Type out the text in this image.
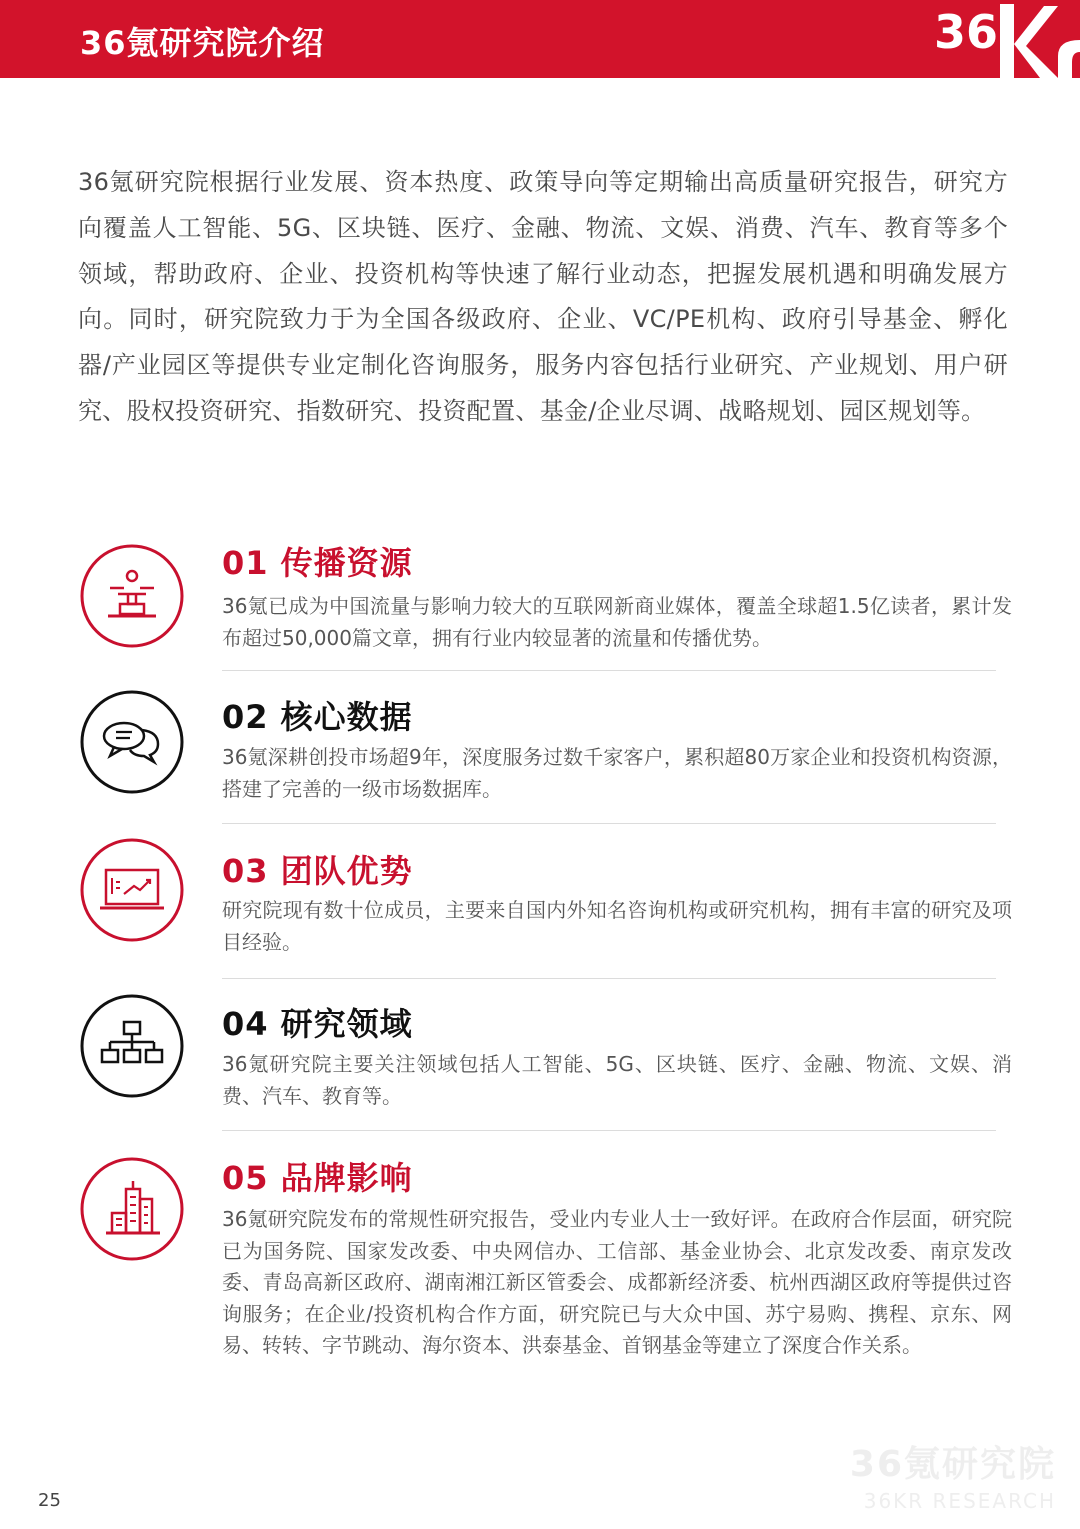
36氪研究院介绍	36
36氪研究院根据行业发展、资本热度、政策导向等定期输出高质量研究报告，研究方向覆盖人工智能、5G、区块链、医疗、金融、物流、文娱、消费、汽车、教育等多个领域，帮助政府、企业、投资机构等快速了解行业动态，把握发展机遇和明确发展方向。同时，研究院致力于为全国各级政府、企业、VC/PE机构、政府引导基金、孵化器/产业园区等提供专业定制化咨询服务，服务内容包括行业研究、产业规划、用户研究、股权投资研究、指数研究、投资配置、基金/企业尽调、战略规划、园区规划等。
01 传播资源
36氪已成为中国流量与影响力较大的互联网新商业媒体，覆盖全球超1.5亿读者，累计发布超过50,000篇文章，拥有行业内较显著的流量和传播优势。
02 核心数据
36氪深耕创投市场超9年，深度服务过数千家客户，累积超80万家企业和投资机构资源，搭建了完善的一级市场数据库。
03 团队优势
研究院现有数十位成员，主要来自国内外知名咨询机构或研究机构，拥有丰富的研究及项目经验。
04 研究领域
36氪研究院主要关注领域包括人工智能、5G、区块链、医疗、金融、物流、文娱、消费、汽车、教育等。
05 品牌影响
36氪研究院发布的常规性研究报告，受业内专业人士一致好评。在政府合作层面，研究院已为国务院、国家发改委、中央网信办、工信部、基金业协会、北京发改委、南京发改委、青岛高新区政府、湖南湘江新区管委会、成都新经济委、杭州西湖区政府等提供过咨询服务；在企业/投资机构合作方面，研究院已与大众中国、苏宁易购、携程、京东、网易、转转、字节跳动、海尔资本、洪泰基金、首钢基金等建立了深度合作关系。
25
36氪研究院
36KR RESEARCH
